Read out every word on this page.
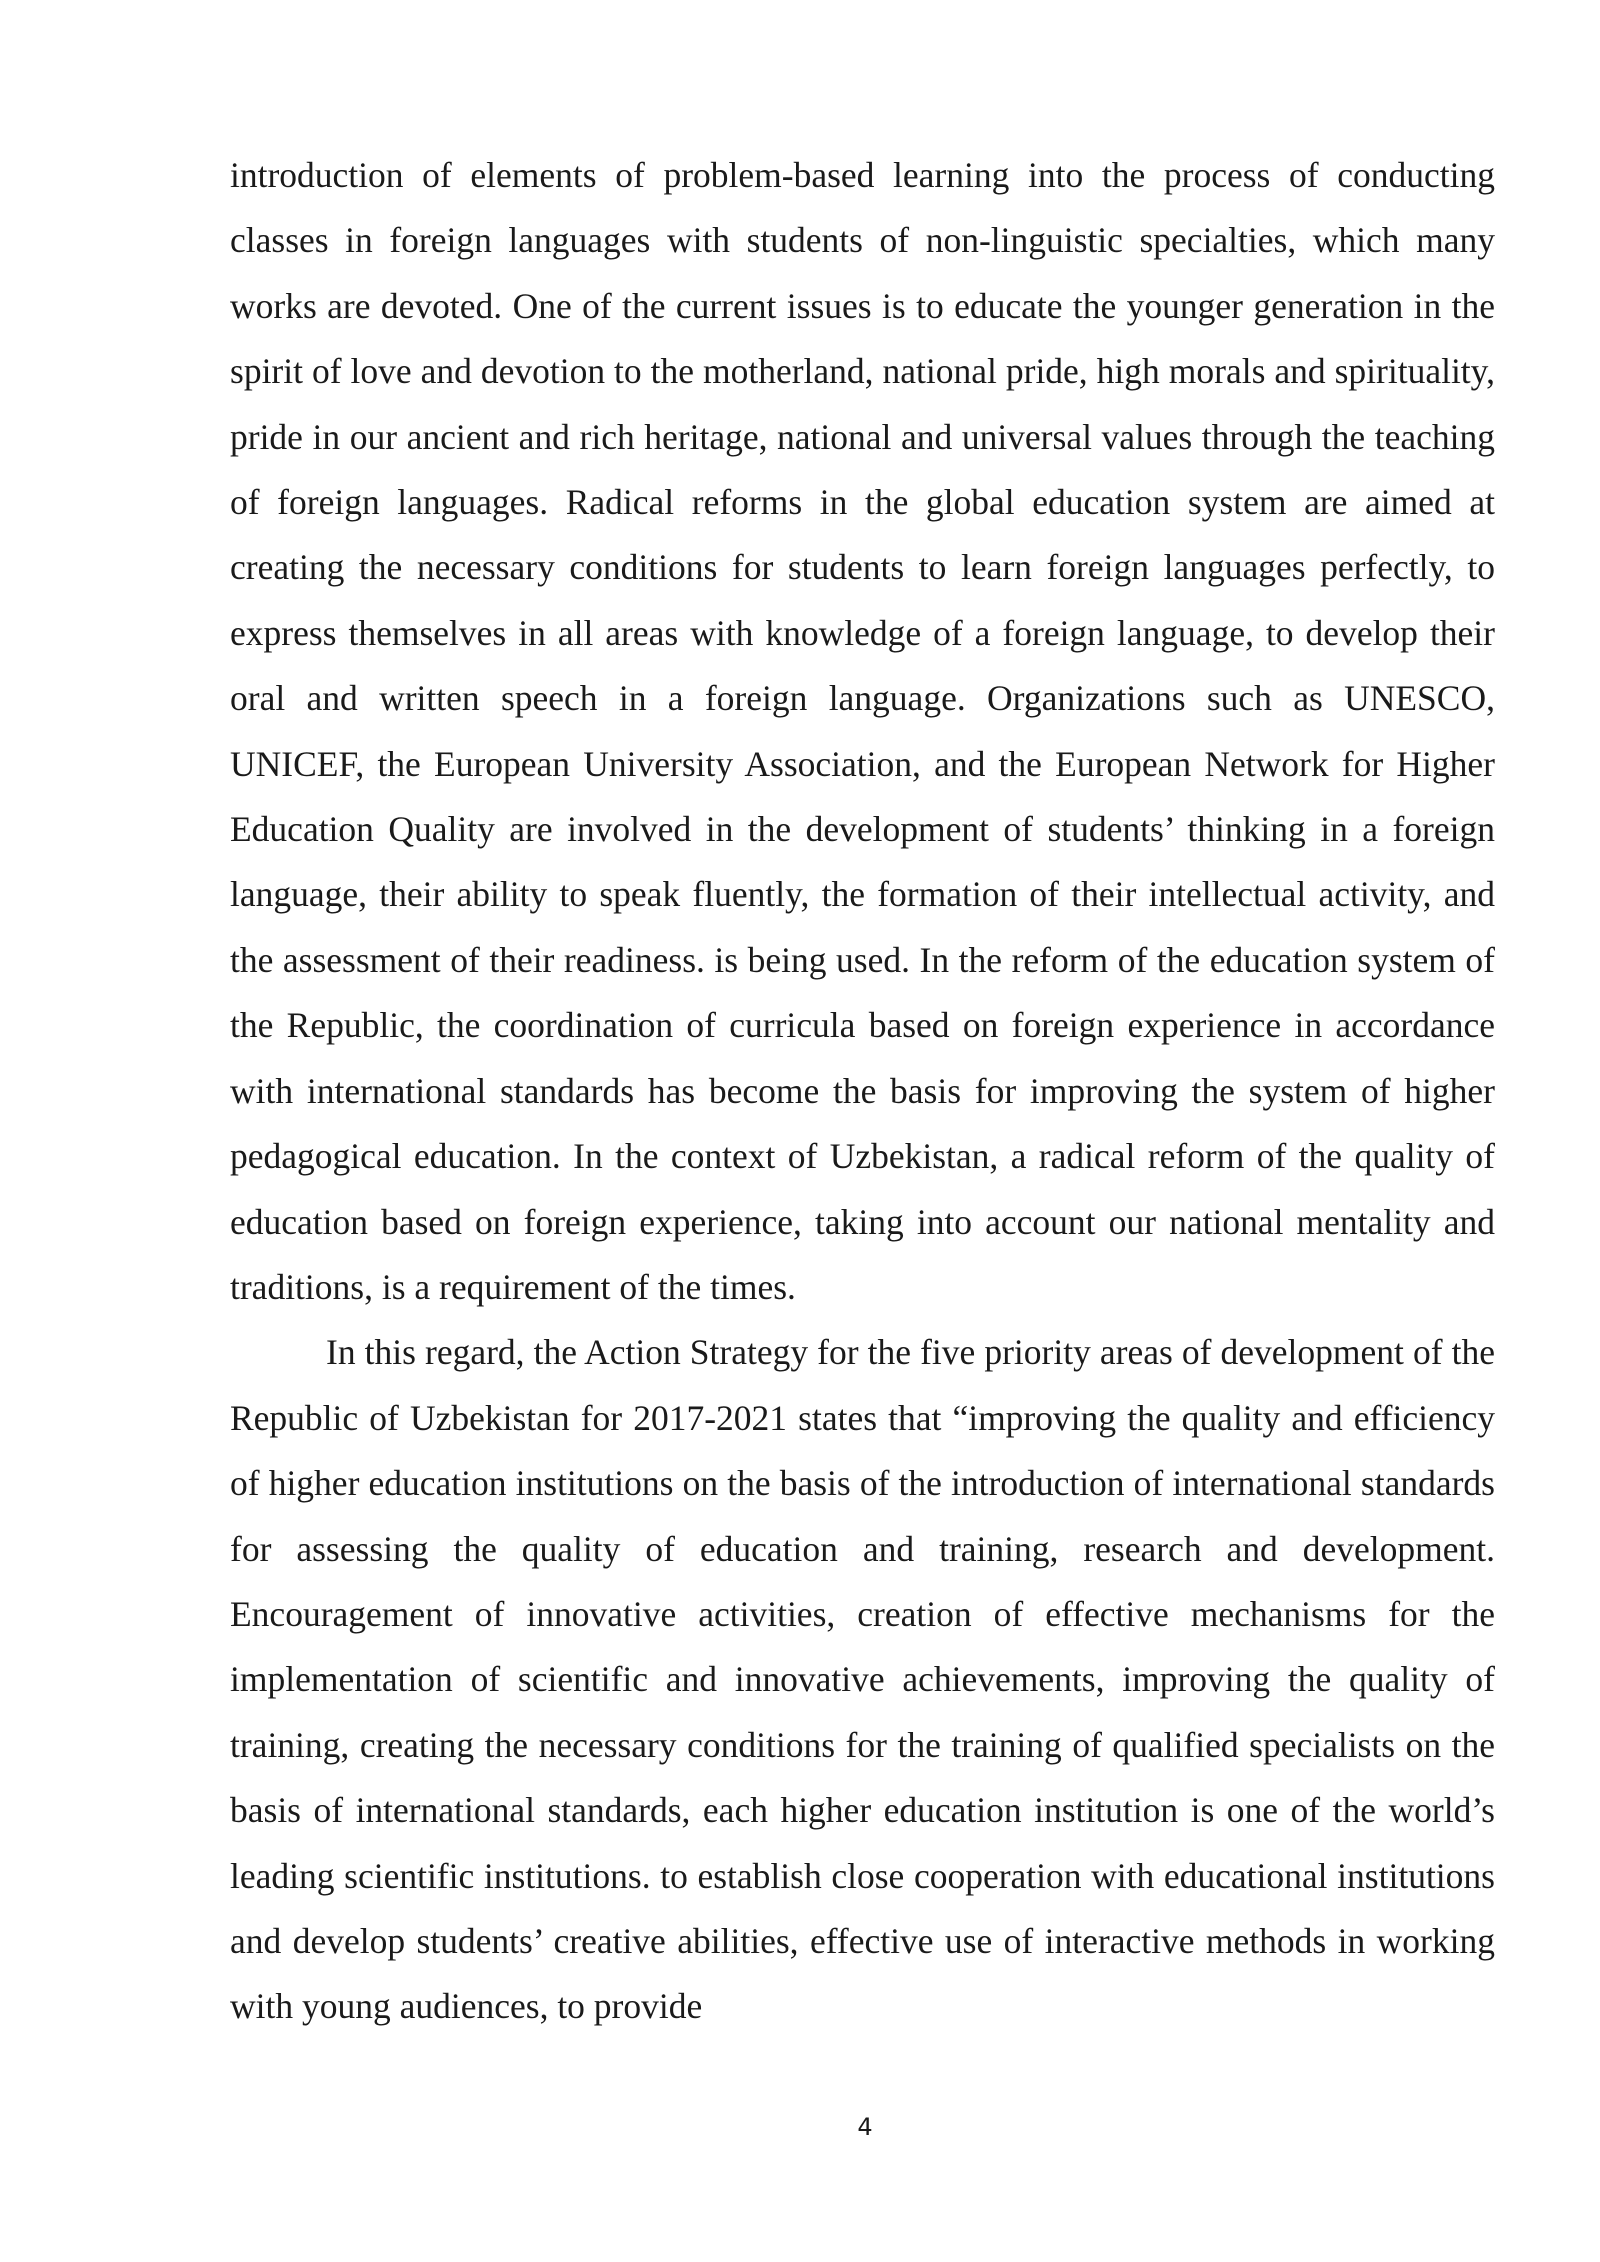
introduction of elements of problem-based learning into the process of conducting classes in foreign languages with students of non-linguistic specialties, which many works are devoted. One of the current issues is to educate the younger generation in the spirit of love and devotion to the motherland, national pride, high morals and spirituality, pride in our ancient and rich heritage, national and universal values through the teaching of foreign languages. Radical reforms in the global education system are aimed at creating the necessary conditions for students to learn foreign languages perfectly, to express themselves in all areas with knowledge of a foreign language, to develop their oral and written speech in a foreign language. Organizations such as UNESCO, UNICEF, the European University Association, and the European Network for Higher Education Quality are involved in the development of students’ thinking in a foreign language, their ability to speak fluently, the formation of their intellectual activity, and the assessment of their readiness. is being used. In the reform of the education system of the Republic, the coordination of curricula based on foreign experience in accordance with international standards has become the basis for improving the system of higher pedagogical education. In the context of Uzbekistan, a radical reform of the quality of education based on foreign experience, taking into account our national mentality and traditions, is a requirement of the times.

In this regard, the Action Strategy for the five priority areas of development of the Republic of Uzbekistan for 2017-2021 states that “improving the quality and efficiency of higher education institutions on the basis of the introduction of international standards for assessing the quality of education and training, research and development. Encouragement of innovative activities, creation of effective mechanisms for the implementation of scientific and innovative achievements, improving the quality of training, creating the necessary conditions for the training of qualified specialists on the basis of international standards, each higher education institution is one of the world’s leading scientific institutions. to establish close cooperation with educational institutions and develop students’ creative abilities, effective use of interactive methods in working with young audiences, to provide

4
